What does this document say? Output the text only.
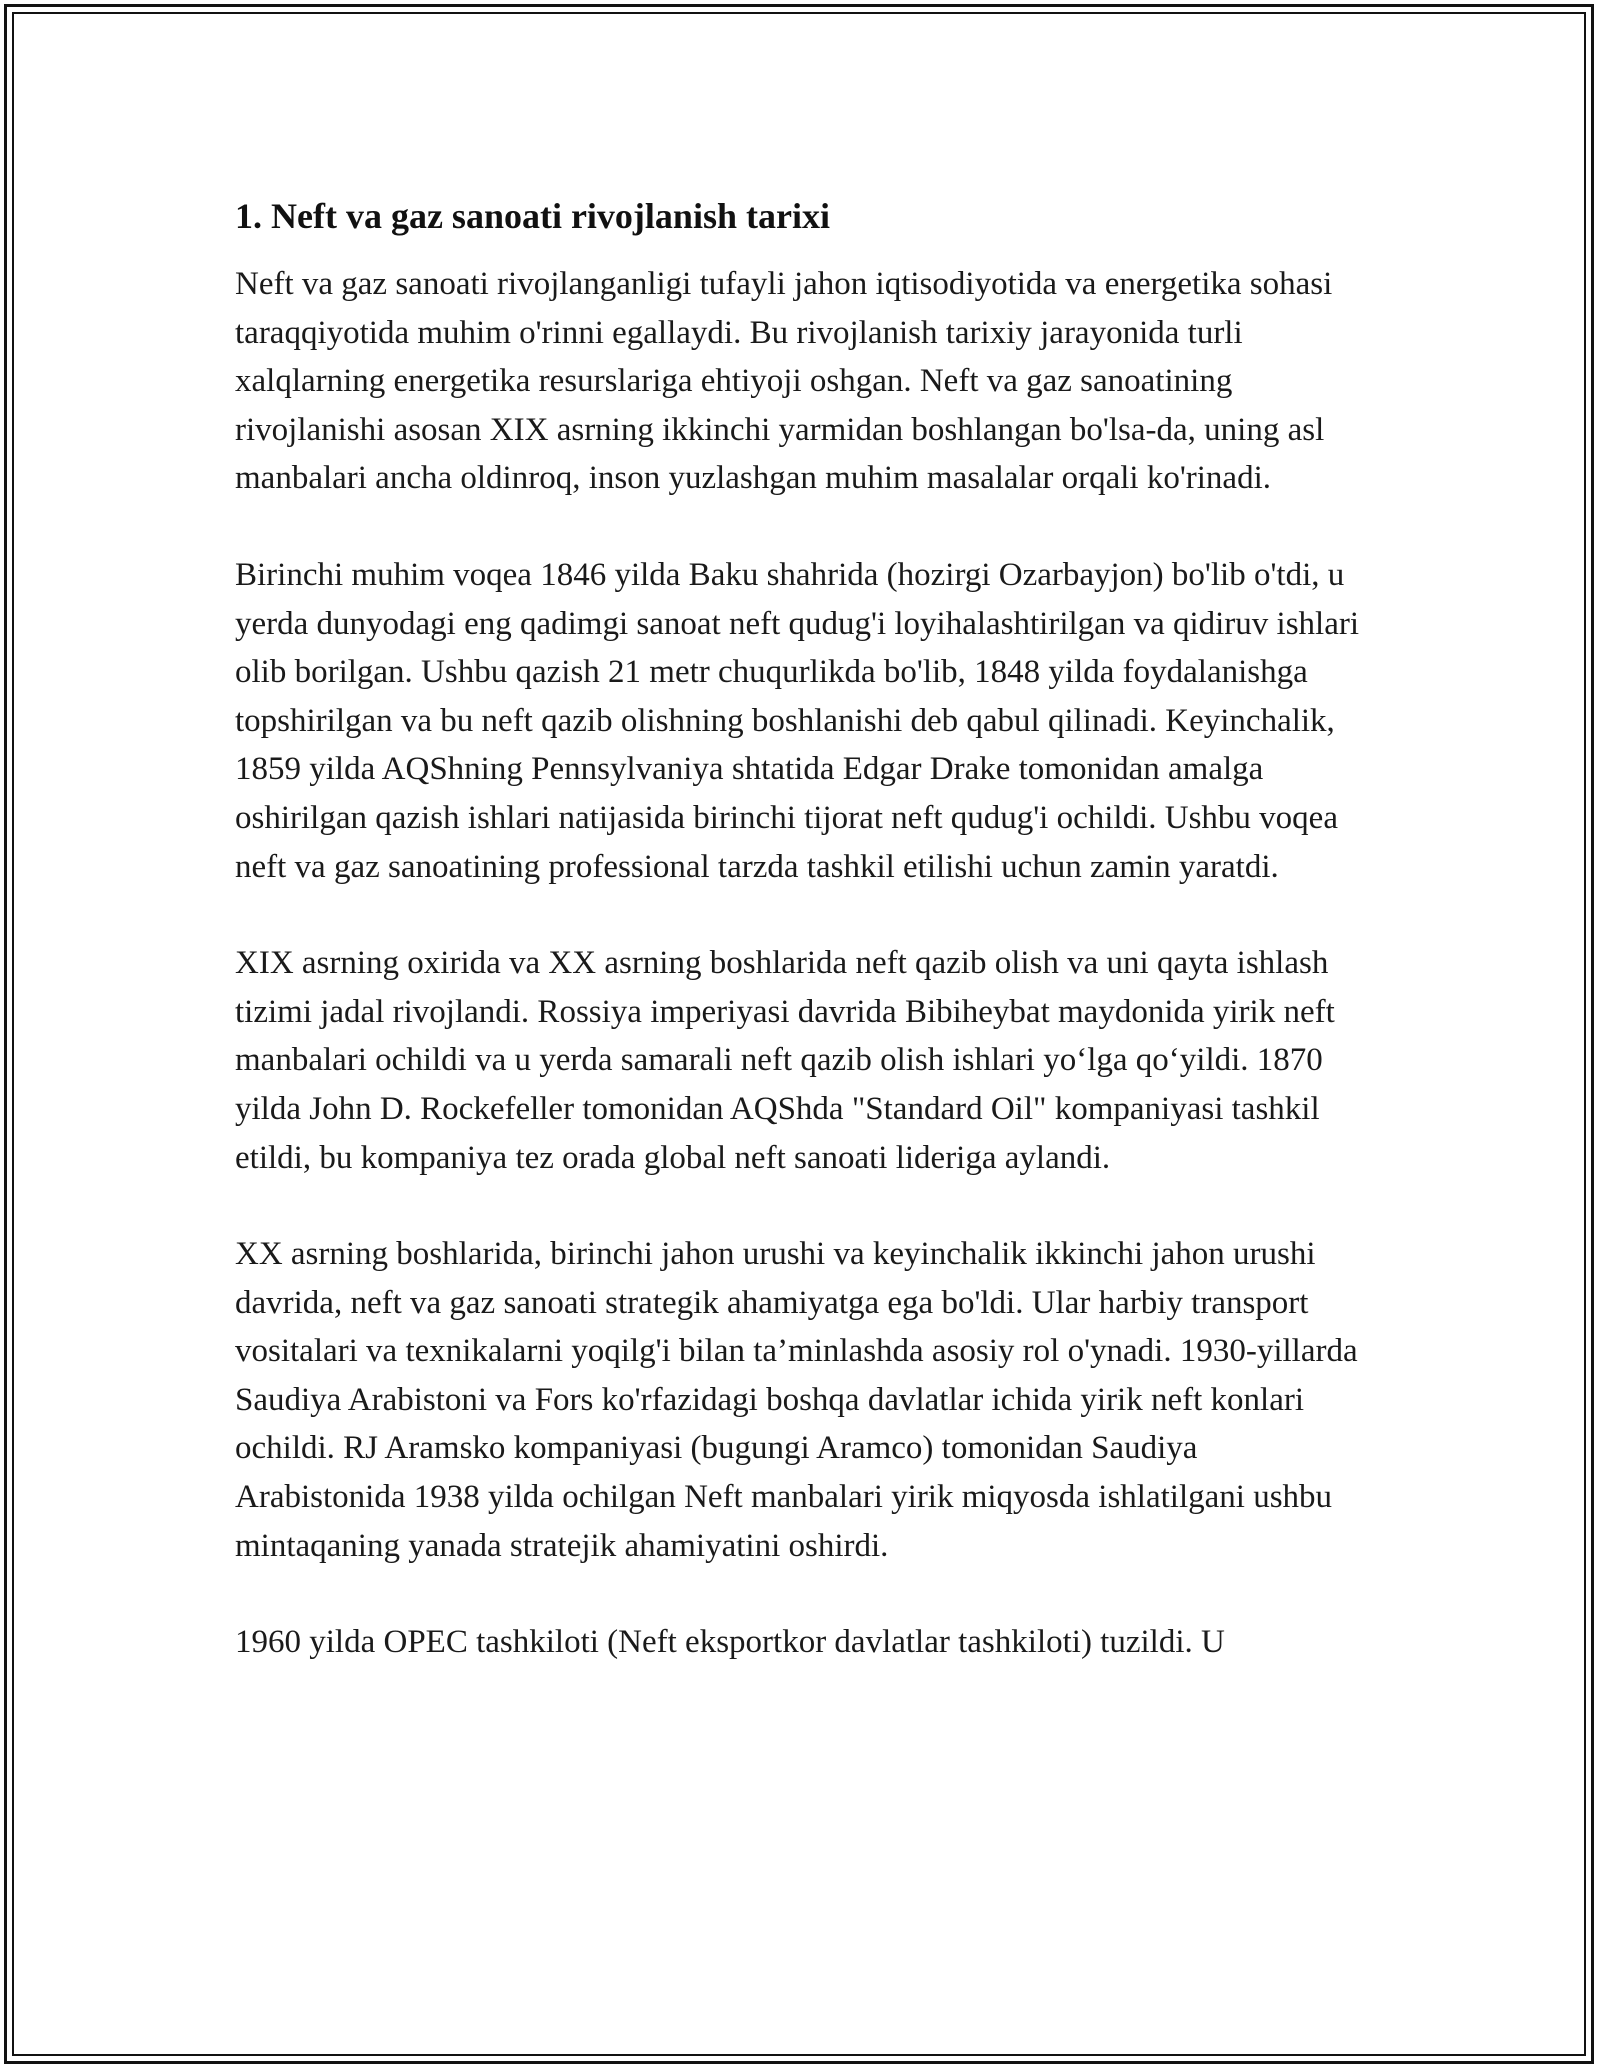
1. Neft va gaz sanoati rivojlanish tarixi

Neft va gaz sanoati rivojlanganligi tufayli jahon iqtisodiyotida va energetika sohasi taraqqiyotida muhim o'rinni egallaydi. Bu rivojlanish tarixiy jarayonida turli xalqlarning energetika resurslariga ehtiyoji oshgan. Neft va gaz sanoatining rivojlanishi asosan XIX asrning ikkinchi yarmidan boshlangan bo'lsa-da, uning asl manbalari ancha oldinroq, inson yuzlashgan muhim masalalar orqali ko'rinadi.

Birinchi muhim voqea 1846 yilda Baku shahrida (hozirgi Ozarbayjon) bo'lib o'tdi, u yerda dunyodagi eng qadimgi sanoat neft qudug'i loyihalashtirilgan va qidiruv ishlari olib borilgan. Ushbu qazish 21 metr chuqurlikda bo'lib, 1848 yilda foydalanishga topshirilgan va bu neft qazib olishning boshlanishi deb qabul qilinadi. Keyinchalik, 1859 yilda AQShning Pennsylvaniya shtatida Edgar Drake tomonidan amalga oshirilgan qazish ishlari natijasida birinchi tijorat neft qudug'i ochildi. Ushbu voqea neft va gaz sanoatining professional tarzda tashkil etilishi uchun zamin yaratdi.

XIX asrning oxirida va XX asrning boshlarida neft qazib olish va uni qayta ishlash tizimi jadal rivojlandi. Rossiya imperiyasi davrida Bibiheybat maydonida yirik neft manbalari ochildi va u yerda samarali neft qazib olish ishlari yo‘lga qo‘yildi. 1870 yilda John D. Rockefeller tomonidan AQShda "Standard Oil" kompaniyasi tashkil etildi, bu kompaniya tez orada global neft sanoati lideriga aylandi.

XX asrning boshlarida, birinchi jahon urushi va keyinchalik ikkinchi jahon urushi davrida, neft va gaz sanoati strategik ahamiyatga ega bo'ldi. Ular harbiy transport vositalari va texnikalarni yoqilg'i bilan ta’minlashda asosiy rol o'ynadi. 1930-yillarda Saudiya Arabistoni va Fors ko'rfazidagi boshqa davlatlar ichida yirik neft konlari ochildi. RJ Aramsko kompaniyasi (bugungi Aramco) tomonidan Saudiya Arabistonida 1938 yilda ochilgan Neft manbalari yirik miqyosda ishlatilgani ushbu mintaqaning yanada stratejik ahamiyatini oshirdi.

1960 yilda OPEC tashkiloti (Neft eksportkor davlatlar tashkiloti) tuzildi. U
